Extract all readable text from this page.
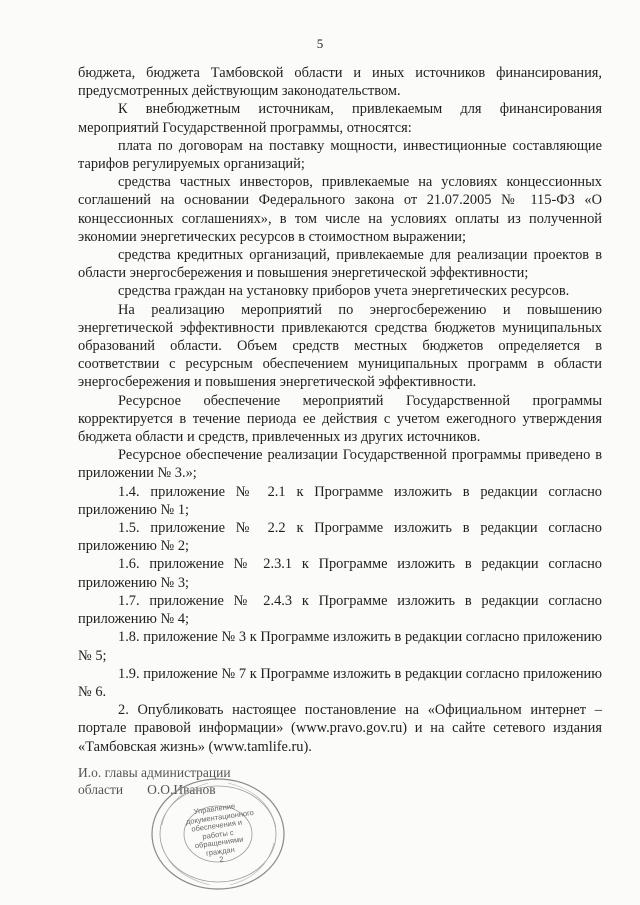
5

бюджета, бюджета Тамбовской области и иных источников финансирования, предусмотренных действующим законодательством.

К внебюджетным источникам, привлекаемым для финансирования мероприятий Государственной программы, относятся:

плата по договорам на поставку мощности, инвестиционные составляющие тарифов регулируемых организаций;

средства частных инвесторов, привлекаемые на условиях концессионных соглашений на основании Федерального закона от 21.07.2005 № 115-ФЗ «О концессионных соглашениях», в том числе на условиях оплаты из полученной экономии энергетических ресурсов в стоимостном выражении;

средства кредитных организаций, привлекаемые для реализации проектов в области энергосбережения и повышения энергетической эффективности;

средства граждан на установку приборов учета энергетических ресурсов.

На реализацию мероприятий по энергосбережению и повышению энергетической эффективности привлекаются средства бюджетов муниципальных образований области. Объем средств местных бюджетов определяется в соответствии с ресурсным обеспечением муниципальных программ в области энергосбережения и повышения энергетической эффективности.

Ресурсное обеспечение мероприятий Государственной программы корректируется в течение периода ее действия с учетом ежегодного утверждения бюджета области и средств, привлеченных из других источников.

Ресурсное обеспечение реализации Государственной программы приведено в приложении № 3.»;

1.4. приложение № 2.1 к Программе изложить в редакции согласно приложению № 1;

1.5. приложение № 2.2 к Программе изложить в редакции согласно приложению № 2;

1.6. приложение № 2.3.1 к Программе изложить в редакции согласно приложению № 3;

1.7. приложение № 2.4.3 к Программе изложить в редакции согласно приложению № 4;

1.8. приложение № 3 к Программе изложить в редакции согласно приложению № 5;

1.9. приложение № 7 к Программе изложить в редакции согласно приложению № 6.

2. Опубликовать настоящее постановление на «Официальном интернет – портале правовой информации» (www.pravo.gov.ru) и на сайте сетевого издания «Тамбовская жизнь» (www.tamlife.ru).

И.о. главы администрации
области О.О.Иванов
Управление документационного обеспечения и работы с обращениями граждан
2
